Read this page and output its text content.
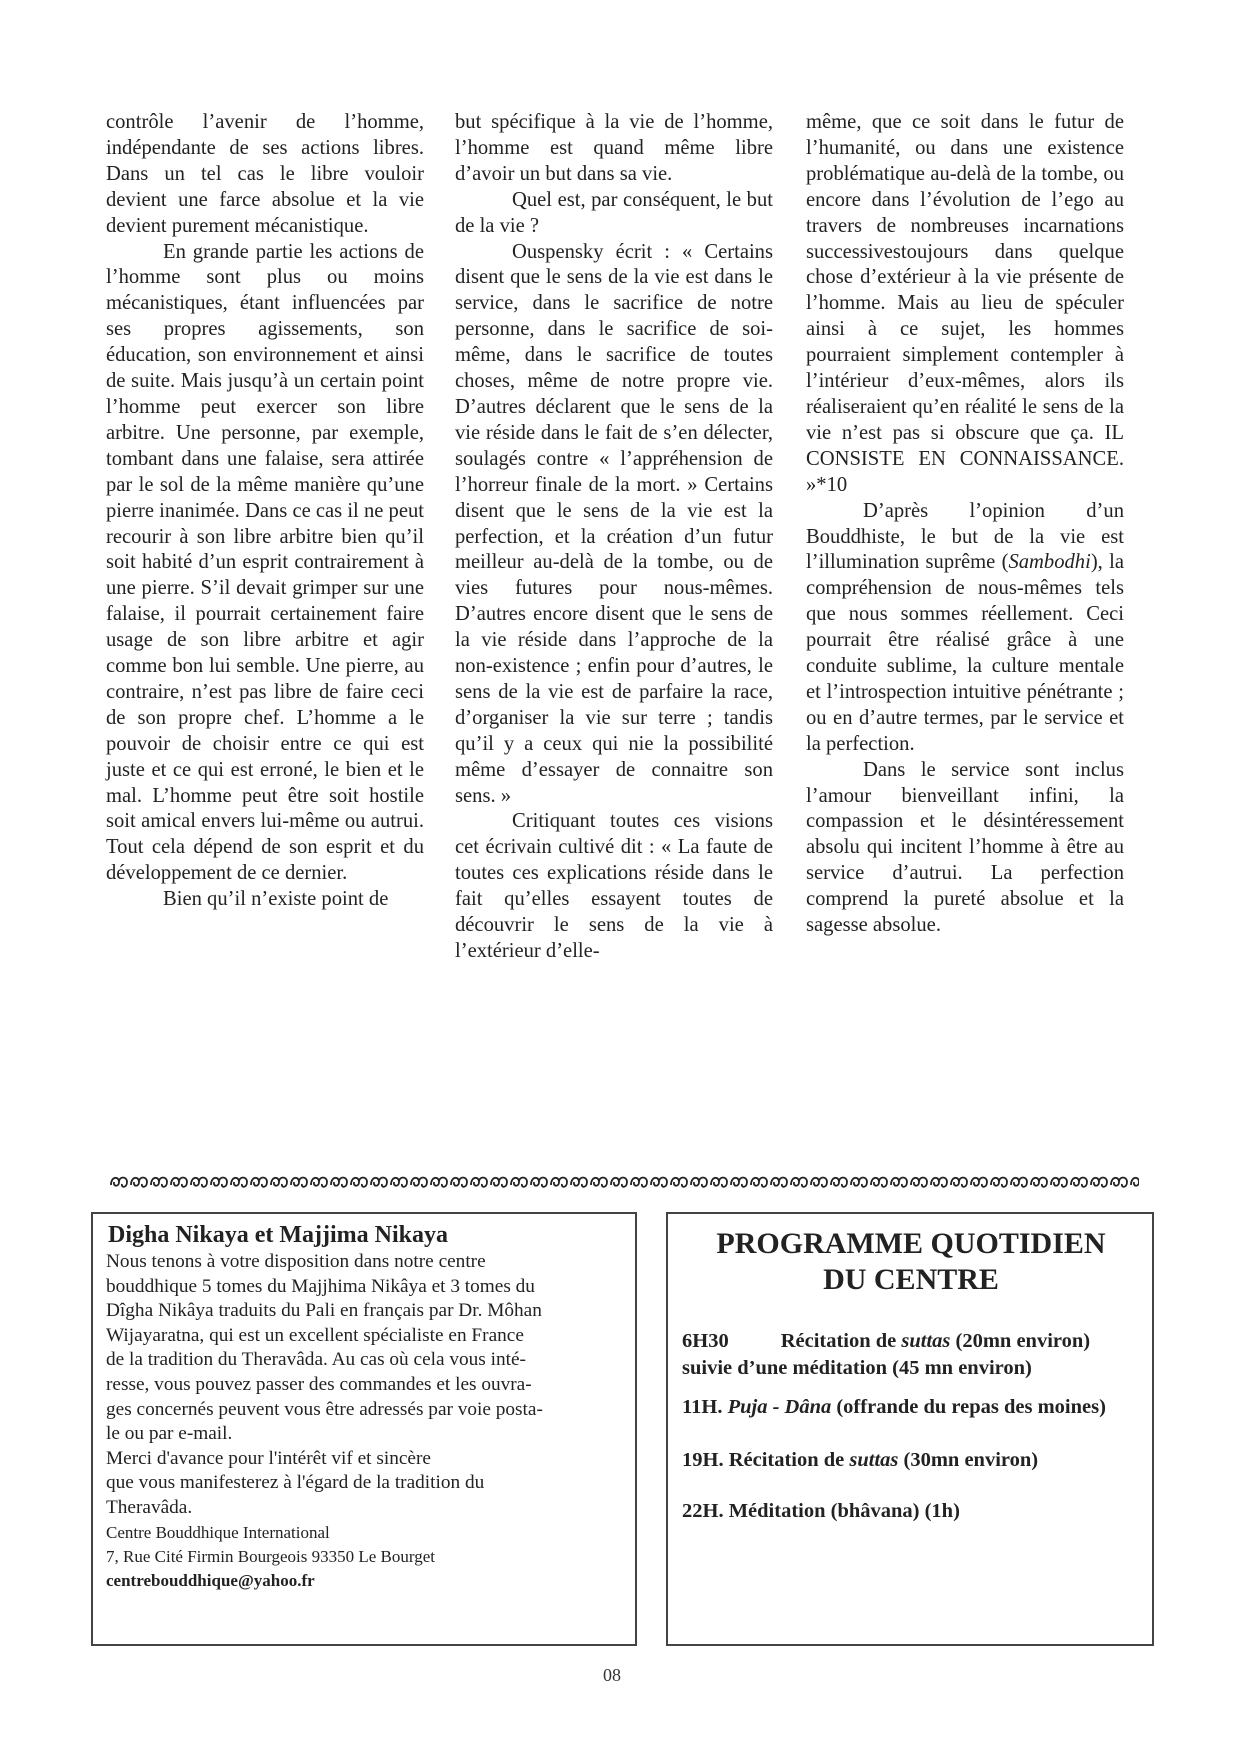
contrôle l’avenir de l’homme, indépendante de ses actions libres. Dans un tel cas le libre vouloir devient une farce absolue et la vie devient purement mécanistique.

En grande partie les actions de l’homme sont plus ou moins mécanistiques, étant influencées par ses propres agissements, son éducation, son environnement et ainsi de suite. Mais jusqu’à un certain point l’homme peut exercer son libre arbitre. Une personne, par exemple, tombant dans une falaise, sera attirée par le sol de la même manière qu’une pierre inanimée. Dans ce cas il ne peut recourir à son libre arbitre bien qu’il soit habité d’un esprit contrairement à une pierre. S’il devait grimper sur une falaise, il pourrait certainement faire usage de son libre arbitre et agir comme bon lui semble. Une pierre, au contraire, n’est pas libre de faire ceci de son propre chef. L’homme a le pouvoir de choisir entre ce qui est juste et ce qui est erroné, le bien et le mal. L’homme peut être soit hostile soit amical envers lui-même ou autrui. Tout cela dépend de son esprit et du développement de ce dernier.

Bien qu’il n’existe point de

but spécifique à la vie de l’homme, l’homme est quand même libre d’avoir un but dans sa vie.

Quel est, par conséquent, le but de la vie ?

Ouspensky écrit : « Certains disent que le sens de la vie est dans le service, dans le sacrifice de notre personne, dans le sacrifice de soi-même, dans le sacrifice de toutes choses, même de notre propre vie. D’autres déclarent que le sens de la vie réside dans le fait de s’en délecter, soulagés contre « l’appréhension de l’horreur finale de la mort. » Certains disent que le sens de la vie est la perfection, et la création d’un futur meilleur au-delà de la tombe, ou de vies futures pour nous-mêmes. D’autres encore disent que le sens de la vie réside dans l’approche de la non-existence ; enfin pour d’autres, le sens de la vie est de parfaire la race, d’organiser la vie sur terre ; tandis qu’il y a ceux qui nie la possibilité même d’essayer de connaitre son sens. »

Critiquant toutes ces visions cet écrivain cultivé dit : « La faute de toutes ces explications réside dans le fait qu’elles essayent toutes de découvrir le sens de la vie à l’extérieur d’elle-

même, que ce soit dans le futur de l’humanité, ou dans une existence problématique au-delà de la tombe, ou encore dans l’évolution de l’ego au travers de nombreuses incarnations successivestoujours dans quelque chose d’extérieur à la vie présente de l’homme. Mais au lieu de spéculer ainsi à ce sujet, les hommes pourraient simplement contempler à l’intérieur d’eux-mêmes, alors ils réaliseraient qu’en réalité le sens de la vie n’est pas si obscure que ça. IL CONSISTE EN CONNAISSANCE. »*10

D’après l’opinion d’un Bouddhiste, le but de la vie est l’illumination suprême (Sambodhi), la compréhension de nous-mêmes tels que nous sommes réellement. Ceci pourrait être réalisé grâce à une conduite sublime, la culture mentale et l’introspection intuitive pénétrante ; ou en d’autre termes, par le service et la perfection.

Dans le service sont inclus l’amour bienveillant infini, la compassion et le désintéressement absolu qui incitent l’homme à être au service d’autrui. La perfection comprend la pureté absolue et la sagesse absolue.

Digha Nikaya et Majjima Nikaya
Nous tenons à votre disposition dans notre centre
bouddhique 5 tomes du Majjhima Nikâya et 3 tomes du
Dîgha Nikâya traduits du Pali en français par Dr. Môhan
Wijayaratna, qui est un excellent spécialiste en France
de la tradition du Theravâda. Au cas où cela vous inté-
resse, vous pouvez passer des commandes et les ouvra-
ges concernés peuvent vous être adressés par voie posta-
le ou par e-mail.
Merci d'avance pour l'intérêt vif et sincère
que vous manifesterez à l'égard de la tradition du
Theravâda.
Centre Bouddhique International
7, Rue Cité Firmin Bourgeois 93350 Le Bourget
centrebouddhique@yahoo.fr
PROGRAMME QUOTIDIEN
DU CENTRE
6H30	Récitation de suttas (20mn environ) suivie d’une méditation (45 mn environ)
11H. Puja - Dâna (offrande du repas des moines)
19H. Récitation de suttas (30mn environ)
22H. Méditation (bhâvana) (1h)
08
